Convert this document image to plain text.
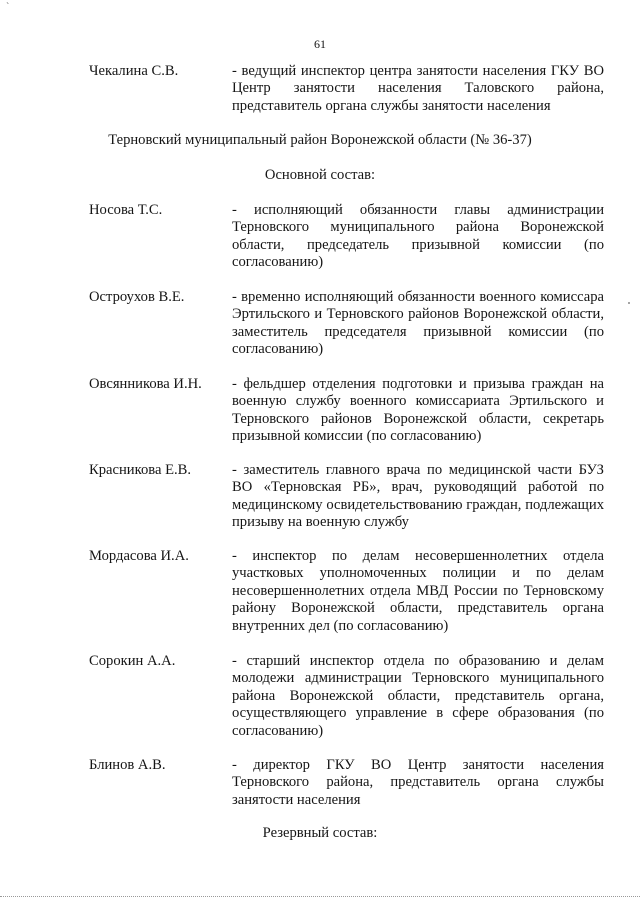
`
61
Чекалина С.В.	- ведущий инспектор центра занятости населения ГКУ ВО Центр занятости населения Таловского района, представитель органа службы занятости населения
Терновский муниципальный район Воронежской области (№ 36-37)
Основной состав:
Носова Т.С.	- исполняющий обязанности главы администрации Терновского муниципального района Воронежской области, председатель призывной комиссии (по согласованию)
Остроухов В.Е.	- временно исполняющий обязанности военного комиссара Эртильского и Терновского районов Воронежской области, заместитель председателя призывной комиссии (по согласованию)
Овсянникова И.Н.	- фельдшер отделения подготовки и призыва граждан на военную службу военного комиссариата Эртильского и Терновского районов Воронежской области, секретарь призывной комиссии (по согласованию)
Красникова Е.В.	- заместитель главного врача по медицинской части БУЗ ВО «Терновская РБ», врач, руководящий работой по медицинскому освидетельствованию граждан, подлежащих призыву на военную службу
Мордасова И.А.	- инспектор по делам несовершеннолетних отдела участковых уполномоченных полиции и по делам несовершеннолетних отдела МВД России по Терновскому району Воронежской области, представитель органа внутренних дел (по согласованию)
Сорокин А.А.	- старший инспектор отдела по образованию и делам молодежи администрации Терновского муниципального района Воронежской области, представитель органа, осуществляющего управление в сфере образования (по согласованию)
Блинов А.В.	- директор ГКУ ВО Центр занятости населения Терновского района, представитель органа службы занятости населения
Резервный состав:
